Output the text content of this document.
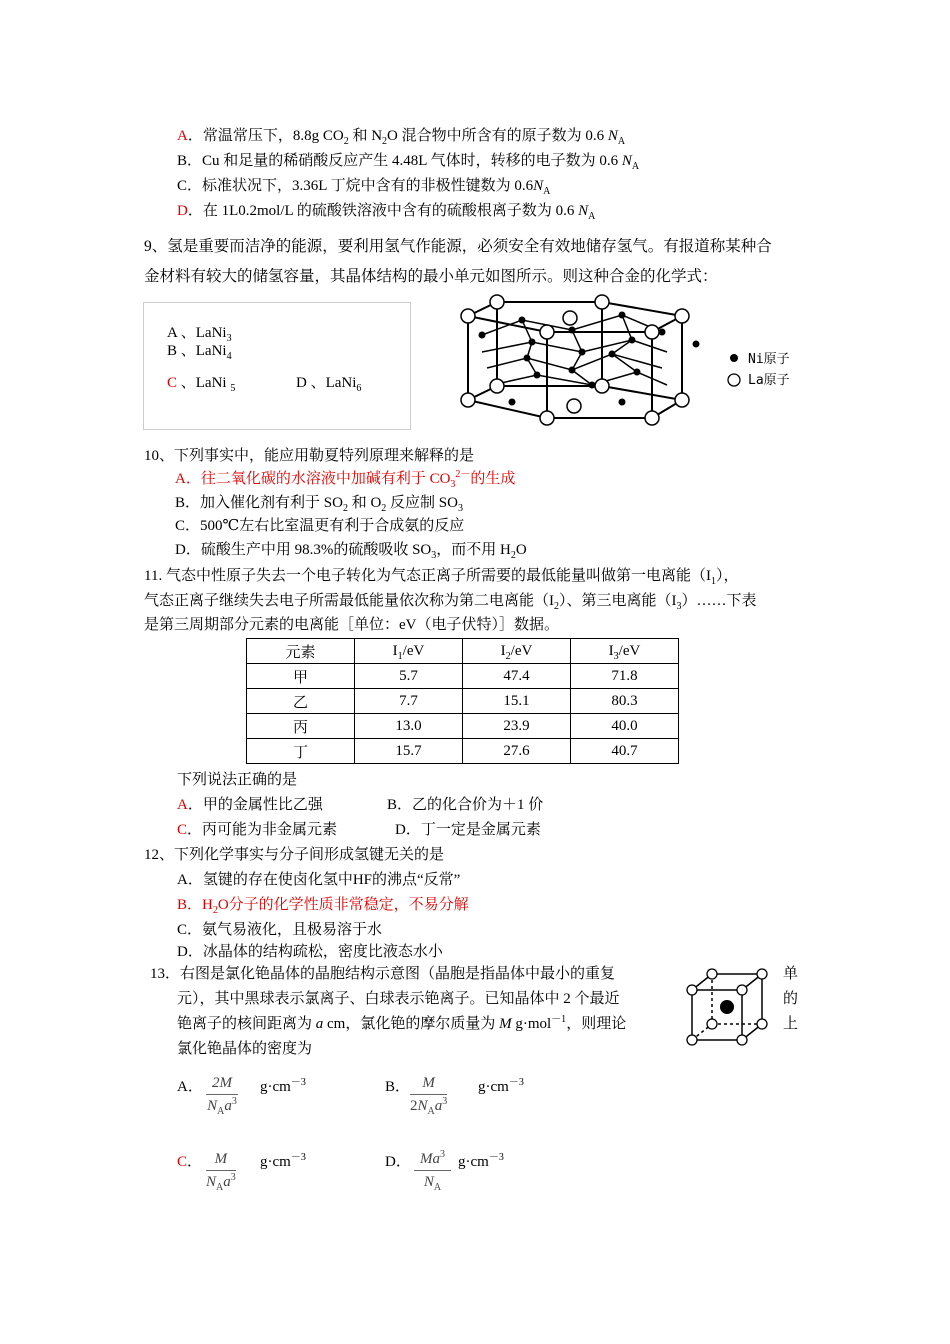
A．常温常压下，8.8g $CO_2$ 和 $N_2O$ 混合物中所含有的原子数为 0.6 $N_A$
B．Cu 和足量的稀硝酸反应产生 4.48L 气体时，转移的电子数为 0.6 $N_A$
C．标准状况下，3.36L 丁烷中含有的非极性键数为 $0.6N_A$
D．在 1L0.2mol/L 的硫酸铁溶液中含有的硫酸根离子数为 0.6 $N_A$
9、氢是重要而洁净的能源，要利用氢气作能源，必须安全有效地储存氢气。有报道称某种合
金材料有较大的储氢容量，其晶体结构的最小单元如图所示。则这种合金的化学式：
A 、LaNi$_3$
B 、LaNi$_4$
C 、LaNi $_5$	D 、LaNi$_6$
Ni原子
La原子
10、下列事实中，能应用勒夏特列原理来解释的是
A．往二氧化碳的水溶液中加碱有利于 $CO_3^{2-}$的生成
B．加入催化剂有利于 $SO_2$ 和 $O_2$ 反应制 $SO_3$
C．500℃左右比室温更有利于合成氨的反应
D．硫酸生产中用 98.3%的硫酸吸收 $SO_3$，而不用 $H_2O$
11. 气态中性原子失去一个电子转化为气态正离子所需要的最低能量叫做第一电离能$(I_1)$，
气态正离子继续失去电子所需最低能量依次称为第二电离能$(I_2)$、第三电离能$(I_3)\dots\dots$下表
是第三周期部分元素的电离能［单位：eV（电子伏特）］数据。
元素	$I_1/eV$	$I_2/eV$	$I_3/eV$
甲	5.7	47.4	71.8
乙	7.7	15.1	80.3
丙	13.0	23.9	40.0
丁	15.7	27.6	40.7
下列说法正确的是
A．甲的金属性比乙强	B．乙的化合价为＋1 价
C．丙可能为非金属元素	D．丁一定是金属元素
12、下列化学事实与分子间形成氢键无关的是
A．氢键的存在使卤化氢中HF的沸点“反常”
B．$H_2O$分子的化学性质非常稳定，不易分解
C．氨气易液化，且极易溶于水
D．冰晶体的结构疏松，密度比液态水小
13．右图是氯化铯晶体的晶胞结构示意图（晶胞是指晶体中最小的重复
元），其中黑球表示氯离子、白球表示铯离子。已知晶体中 2 个最近
铯离子的核间距离为 a cm，氯化铯的摩尔质量为 M g·mol$^{-1}$，则理论
氯化铯晶体的密度为
单
的
上
A． 2M
$N_Aa^3$
$g\cdot cm^{-3}$	B． M
$2N_Aa^3$
$g\cdot cm^{-3}$
C． M
$N_Aa^3$
$g\cdot cm^{-3}$	D． $\frac{Ma^3}{N_A} g\cdot cm^{-3}$
